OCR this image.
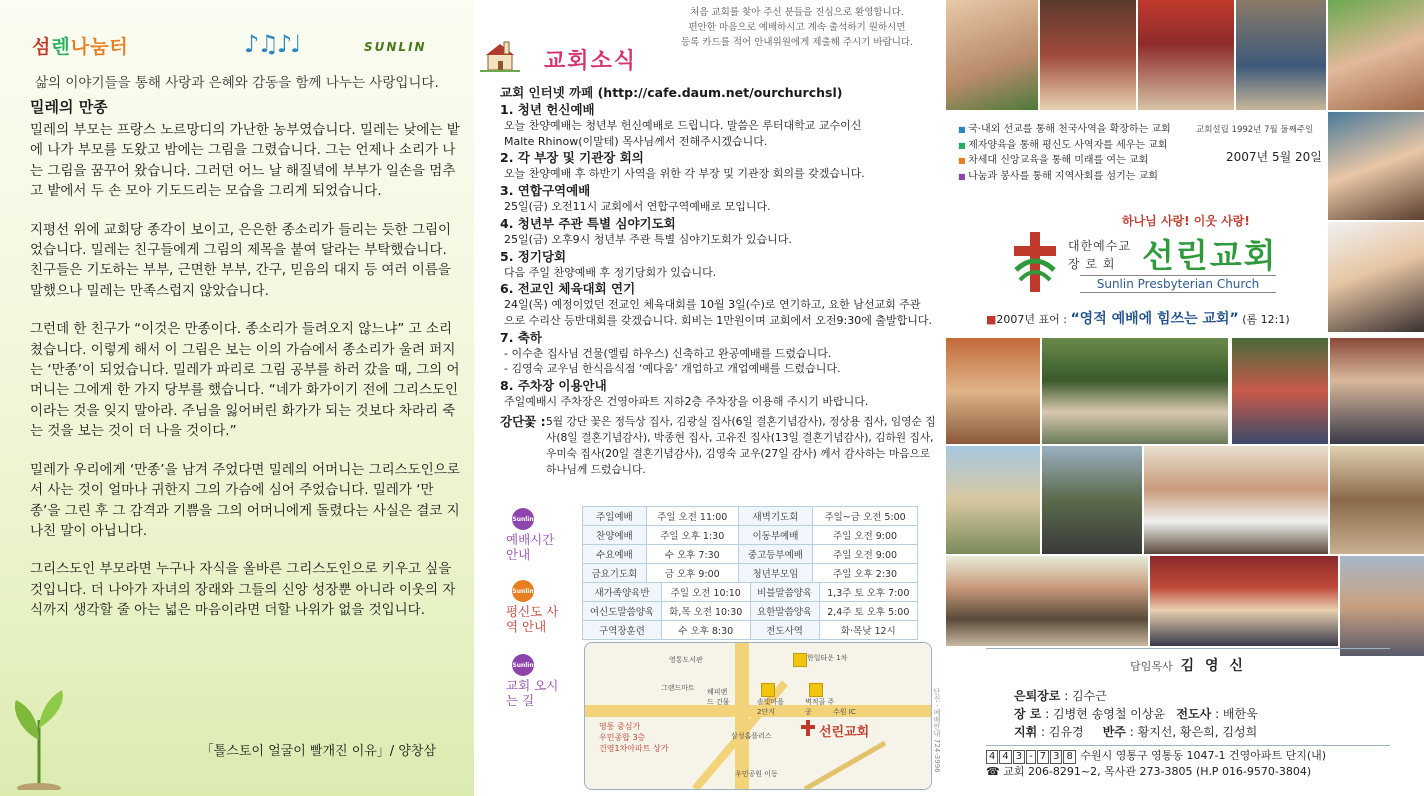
섬렌나눔터	♪♫♪♩	SUNLIN
삶의 이야기들을 통해 사랑과 은혜와 감동을 함께 나누는 사랑입니다.
밀레의 만종

밀레의 부모는 프랑스 노르망디의 가난한 농부였습니다. 밀레는 낮에는 밭에 나가 부모를 도왔고 밤에는 그림을 그렸습니다. 그는 언제나 소리가 나는 그림을 꿈꾸어 왔습니다. 그러던 어느 날 해질녘에 부부가 일손을 멈추고 밭에서 두 손 모아 기도드리는 모습을 그리게 되었습니다.

지평선 위에 교회당 종각이 보이고, 은은한 종소리가 들리는 듯한 그림이었습니다. 밀레는 친구들에게 그림의 제목을 붙여 달라는 부탁했습니다. 친구들은 기도하는 부부, 근면한 부부, 간구, 믿음의 대지 등 여러 이름을 말했으나 밀레는 만족스럽지 않았습니다.

그런데 한 친구가 “이것은 만종이다. 종소리가 들려오지 않느냐” 고 소리쳤습니다. 이렇게 해서 이 그림은 보는 이의 가슴에서 종소리가 울려 퍼지는 ‘만종’이 되었습니다. 밀레가 파리로 그림 공부를 하러 갔을 때, 그의 어머니는 그에게 한 가지 당부를 했습니다. “네가 화가이기 전에 그리스도인이라는 것을 잊지 말아라. 주님을 잃어버린 화가가 되는 것보다 차라리 죽는 것을 보는 것이 더 나을 것이다.”

밀레가 우리에게 ‘만종’을 남겨 주었다면 밀레의 어머니는 그리스도인으로서 사는 것이 얼마나 귀한지 그의 가슴에 심어 주었습니다. 밀레가 ‘만종’을 그린 후 그 감격과 기쁨을 그의 어머니에게 돌렸다는 사실은 결코 지나친 말이 아닙니다.

그리스도인 부모라면 누구나 자식을 올바른 그리스도인으로 키우고 싶을 것입니다. 더 나아가 자녀의 장래와 그들의 신앙 성장뿐 아니라 이웃의 자식까지 생각할 줄 아는 넓은 마음이라면 더할 나위가 없을 것입니다.

「톨스토이 얼굴이 빨개진 이유」/ 양창삼
교회소식
처음 교회를 찾아 주신 분들을 진심으로 환영합니다.
편안한 마음으로 예배하시고 계속 출석하기 원하시면
등록 카드를 적어 안내위원에게 제출해 주시기 바랍니다.
교회 인터넷 까페 (http://cafe.daum.net/ourchurchsl)
1. 청년 헌신예배
오늘 찬양예배는 청년부 헌신예배로 드립니다. 말씀은 루터대학교 교수이신
Malte Rhinow(이말테) 목사님께서 전해주시겠습니다.
2. 각 부장 및 기관장 회의
오늘 찬양예배 후 하반기 사역을 위한 각 부장 및 기관장 회의를 갖겠습니다.
3. 연합구역예배
25일(금) 오전11시 교회에서 연합구역예배로 모입니다.
4. 청년부 주관 특별 심야기도회
25일(금) 오후9시 청년부 주관 특별 심야기도회가 있습니다.
5. 정기당회
다음 주일 찬양예배 후 정기당회가 있습니다.
6. 전교인 체육대회 연기
24일(목) 예정이었던 전교인 체육대회를 10월 3일(수)로 연기하고, 요한 남선교회 주관
으로 수리산 등반대회를 갖겠습니다. 회비는 1만원이며 교회에서 오전9:30에 출발합니다.
7. 축하
- 이수춘 집사님 건물(엘림 하우스) 신축하고 완공예배를 드렸습니다.
- 김영숙 교우님 한식음식점 ‘예다움’ 개업하고 개업예배를 드렸습니다.
8. 주차장 이용안내
주일예배시 주차장은 건영아파트 지하2층 주차장을 이용해 주시기 바랍니다.
강단꽃 : 5월 강단 꽃은 정득상 집사, 김광실 집사(6일 결혼기념감사), 정상용 집사, 임영순 집사(8일 결혼기념감사), 박종현 집사, 고유진 집사(13일 결혼기념감사), 김하원 집사, 우미숙 집사(20일 결혼기념감사), 김영숙 교우(27일 감사) 께서 감사하는 마음으로 하나님께 드렸습니다.
Sunlin
예배시간 안내
주일예배	주일 오전 11:00	새벽기도회	주일~금 오전 5:00
찬양예배	주일 오후 1:30	이동부예배	주일 오전 9:00
수요예배	수 오후 7:30	중고등부예배	주일 오전 9:00
금요기도회	금 오후 9:00	청년부모임	주일 오후 2:30
Sunlin
평신도 사역 안내
새가족양육반	주일 오전 10:10	비블말씀양육	1,3주 토 오후 7:00
여신도말씀양육	화,목 오전 10:30	요한말씀양육	2,4주 토 오후 5:00
구역장훈련	수 오후 8:30	전도사역	화·목낮 12시
Sunlin
교회 오시는 길
영통도서관	한일타운 1차
그랜드마트 해피랜드 건물	솔빛마을 2단지
벽적골 주공	수원 IC
영통 중심가
우민종합 3층
건영1차아파트 상가
삼성홈플러스
우민공원 이동
선린교회	단신 · 예배안내 724-3996
■ 국·내외 선교를 통해 천국사역을 확장하는 교회
■ 제자양육을 통해 평신도 사역자를 세우는 교회
■ 차세대 신앙교육을 통해 미래를 여는 교회
■ 나눔과 봉사를 통해 지역사회를 섬기는 교회
교회설립 1992년 7월 둘째주일
2007년 5월 20일
하나님 사랑! 이웃 사랑!
대한예수교
장 로 회 선린교회
Sunlin Presbyterian Church
■2007년 표어 : “영적 예배에 힘쓰는 교회” (롬 12:1)
담임목사 김 영 신
은퇴장로 : 김수근
장 로 : 김병현 송영철 이상윤 전도사 : 배한욱
지휘 : 김유경 반주 : 황지선, 황은희, 김성희
4 4 3 - 7 3 8 수원시 영통구 영통동 1047-1 건영아파트 단지(내)
☎ 교회 206-8291~2, 목사관 273-3805 (H.P 016-9570-3804)
